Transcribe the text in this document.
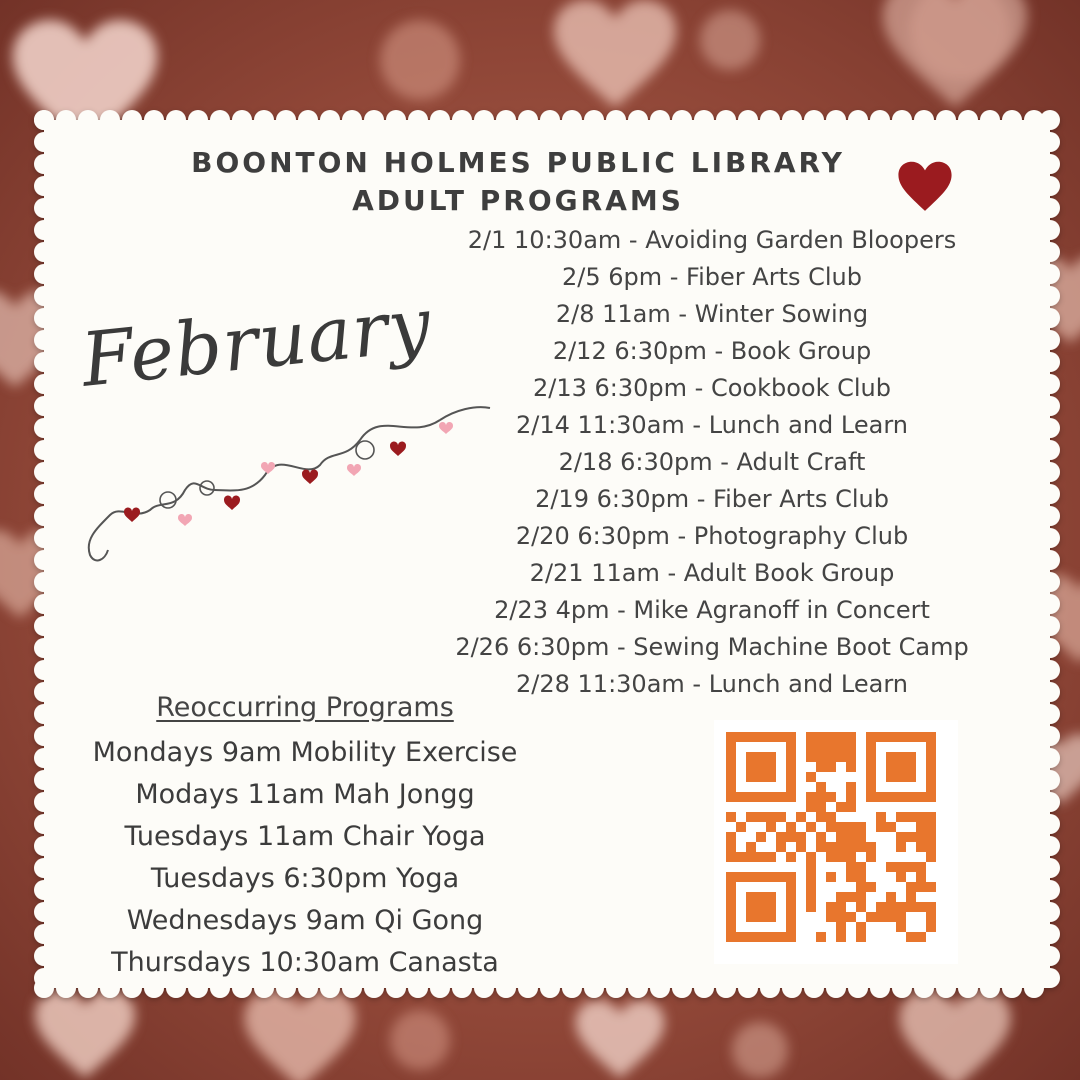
BOONTON HOLMES PUBLIC LIBRARY
ADULT PROGRAMS
February
2/1 10:30am - Avoiding Garden Bloopers
2/5 6pm - Fiber Arts Club
2/8 11am - Winter Sowing
2/12 6:30pm - Book Group
2/13 6:30pm - Cookbook Club
2/14 11:30am - Lunch and Learn
2/18 6:30pm - Adult Craft
2/19 6:30pm - Fiber Arts Club
2/20 6:30pm - Photography Club
2/21 11am - Adult Book Group
2/23 4pm - Mike Agranoff in Concert
2/26 6:30pm - Sewing Machine Boot Camp
2/28 11:30am - Lunch and Learn
Reoccurring Programs
Mondays 9am Mobility Exercise
Modays 11am Mah Jongg
Tuesdays 11am Chair Yoga
Tuesdays 6:30pm Yoga
Wednesdays 9am Qi Gong
Thursdays 10:30am Canasta
